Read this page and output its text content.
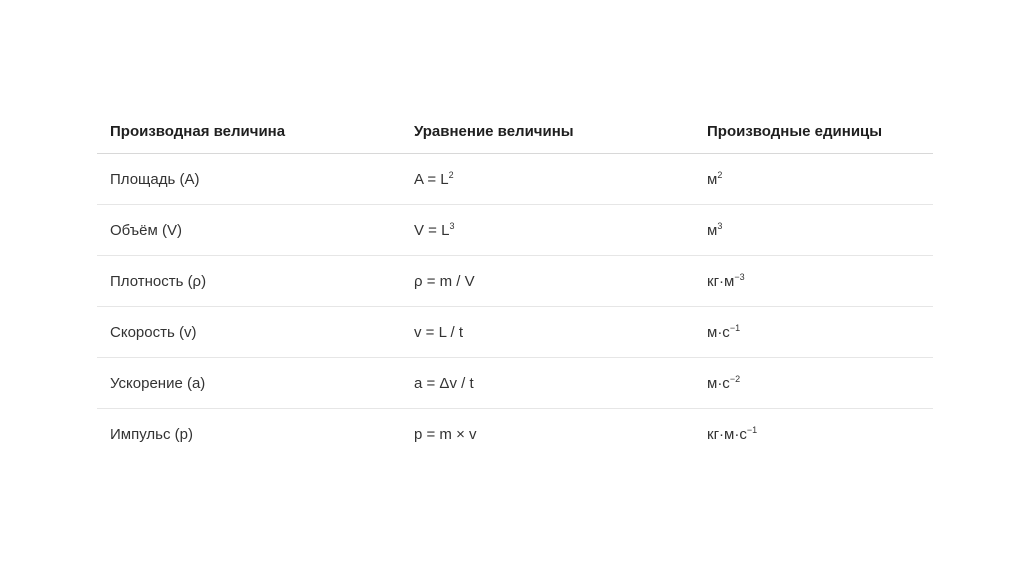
Производная величина	Уравнение величины	Производные единицы
Площадь (A)	$A = L^2$	$м^2$
Объём (V)	$V = L^3$	$м^3$
Плотность (ρ)	ρ = m / V	$кг\cdot м^{-3}$
Скорость (v)	v = L / t	$м\cdot с^{-1}$
Ускорение (a)	a = Δv / t	$м\cdot с^{-2}$
Импульс (p)	p = m × v	$кг\cdot м\cdot с^{-1}$
